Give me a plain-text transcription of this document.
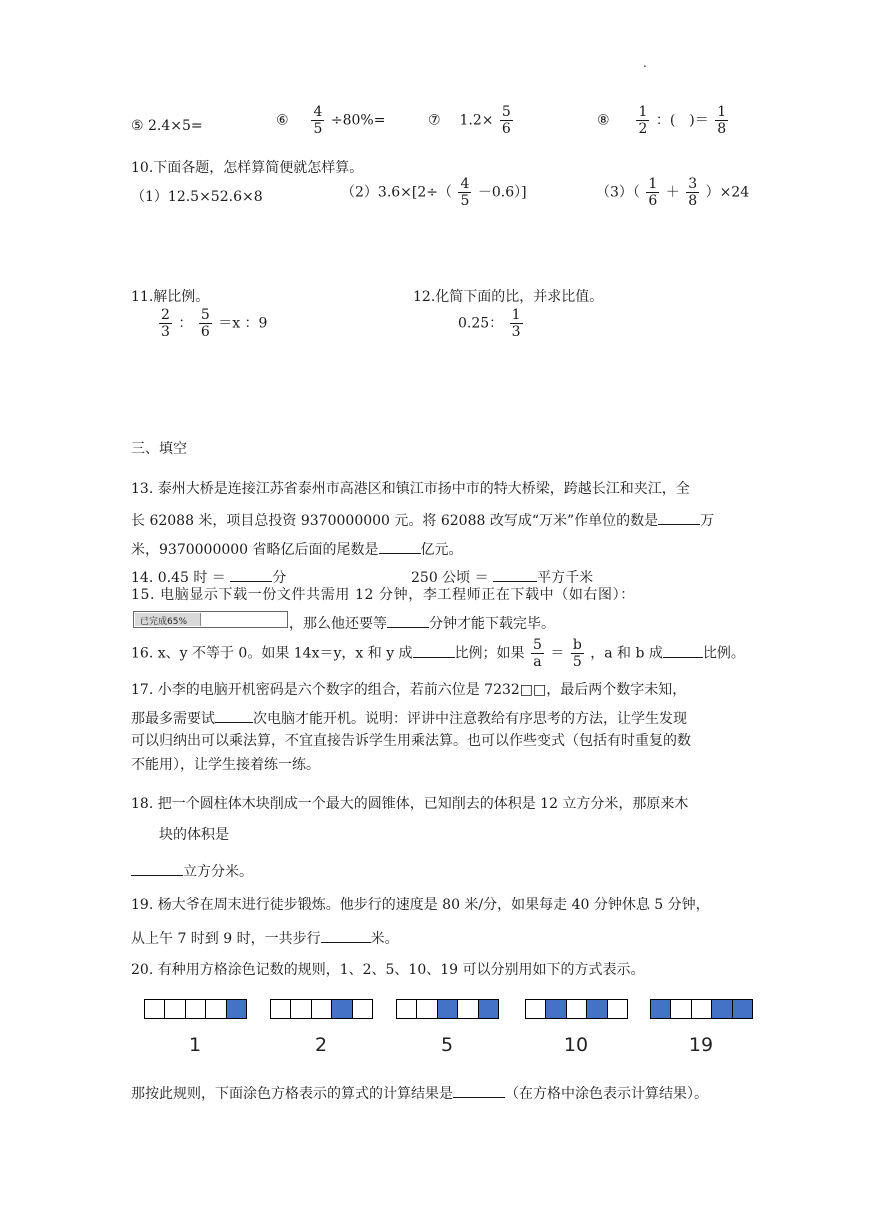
.
⑤ 2.4×5=	⑥ $\frac{4}{5} \div 80\%=$	⑦ $1.2\times \frac{5}{6}$	⑧ $\frac{1}{2}$ ：(　)＝ $\frac{1}{8}$
10.下面各题，怎样算简便就怎样算。
（1）12.5×52.6×8	$(2)3.6\times[2\div( \frac{4}{5} -0.6)]$	$(3)( \frac{1}{6} + \frac{3}{8} )\times 24$
11.解比例。
$\frac{2}{3}$ ： $\frac{5}{6} =x$ ：9
12.化简下面的比，并求比值。
0.25： $\frac{1}{3}$
三、填空
13. 泰州大桥是连接江苏省泰州市高港区和镇江市扬中市的特大桥梁，跨越长江和夹江，全
长 62088 米，项目总投资 9370000000 元。将 62088 改写成“万米”作单位的数是	万
米，9370000000 省略亿后面的尾数是	亿元。
14. 0.45 时 ＝	分	250 公顷 ＝	平方千米
15. 电脑显示下载一份文件共需用 12 分钟，李工程师正在下载中（如右图）：
已完成65%	，那么他还要等	分钟才能下载完毕。
16. x、y 不等于 0。如果 14x＝y，x 和 y 成	比例；如果 $\frac{5}{a} = \frac{b}{5}$ ，a 和 b 成	比例。
17. 小李的电脑开机密码是六个数字的组合，若前六位是 7232□□，最后两个数字未知，
那最多需要试	次电脑才能开机。说明：评讲中注意教给有序思考的方法，让学生发现
可以归纳出可以乘法算，不宜直接告诉学生用乘法算。也可以作些变式（包括有时重复的数
不能用），让学生接着练一练。
18. 把一个圆柱体木块削成一个最大的圆锥体，已知削去的体积是 12 立方分米，那原来木
块的体积是
立方分米。
19. 杨大爷在周末进行徒步锻炼。他步行的速度是 80 米/分，如果每走 40 分钟休息 5 分钟，
从上午 7 时到 9 时，一共步行	米。
20. 有种用方格涂色记数的规则，1、2、5、10、19 可以分别用如下的方式表示。
1	2	5	10	19
那按此规则，下面涂色方格表示的算式的计算结果是	（在方格中涂色表示计算结果）。
